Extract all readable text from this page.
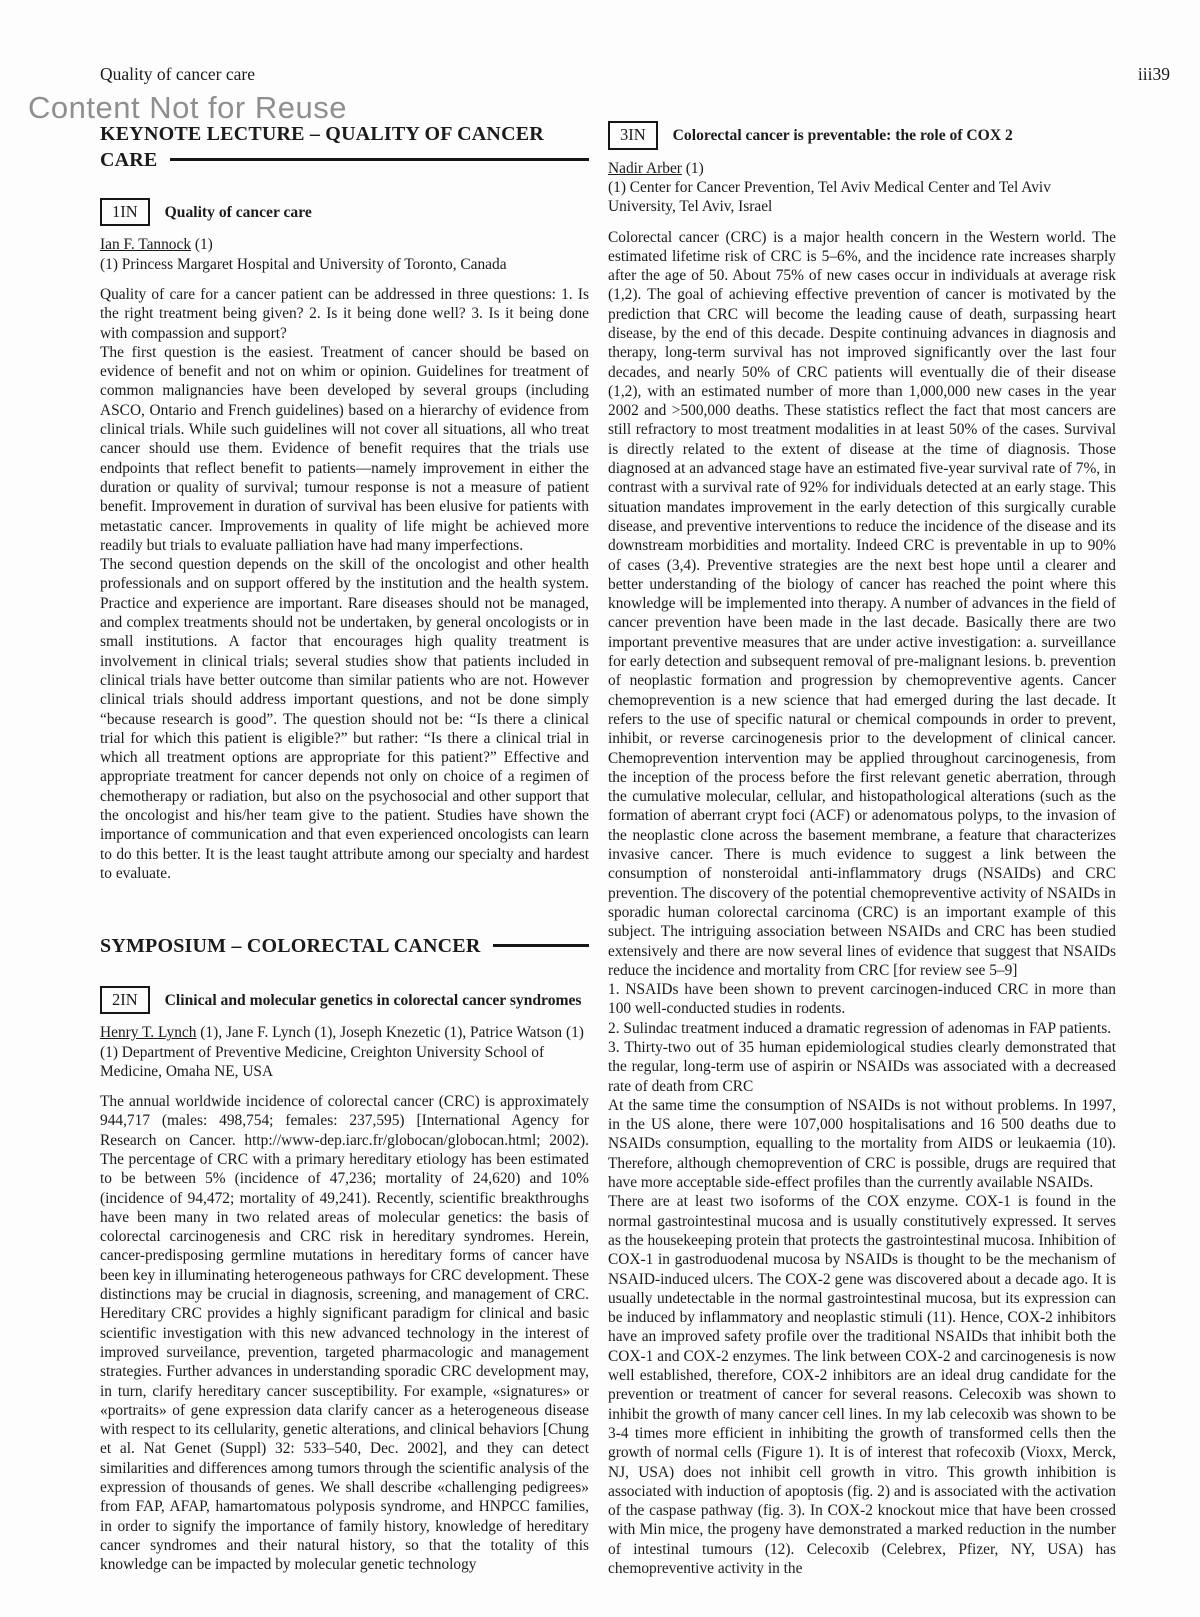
Content Not for Reuse
Quality of cancer care	iii39
KEYNOTE LECTURE – QUALITY OF CANCER CARE
1IN	Quality of cancer care

Ian F. Tannock (1)

(1) Princess Margaret Hospital and University of Toronto, Canada

Quality of care for a cancer patient can be addressed in three questions: 1. Is the right treatment being given? 2. Is it being done well? 3. Is it being done with compassion and support?

The first question is the easiest. Treatment of cancer should be based on evidence of benefit and not on whim or opinion. Guidelines for treatment of common malignancies have been developed by several groups (including ASCO, Ontario and French guidelines) based on a hierarchy of evidence from clinical trials. While such guidelines will not cover all situations, all who treat cancer should use them. Evidence of benefit requires that the trials use endpoints that reflect benefit to patients—namely improvement in either the duration or quality of survival; tumour response is not a measure of patient benefit. Improvement in duration of survival has been elusive for patients with metastatic cancer. Improvements in quality of life might be achieved more readily but trials to evaluate palliation have had many imperfections.

The second question depends on the skill of the oncologist and other health professionals and on support offered by the institution and the health system. Practice and experience are important. Rare diseases should not be managed, and complex treatments should not be undertaken, by general oncologists or in small institutions. A factor that encourages high quality treatment is involvement in clinical trials; several studies show that patients included in clinical trials have better outcome than similar patients who are not. However clinical trials should address important questions, and not be done simply “because research is good”. The question should not be: “Is there a clinical trial for which this patient is eligible?” but rather: “Is there a clinical trial in which all treatment options are appropriate for this patient?” Effective and appropriate treatment for cancer depends not only on choice of a regimen of chemotherapy or radiation, but also on the psychosocial and other support that the oncologist and his/her team give to the patient. Studies have shown the importance of communication and that even experienced oncologists can learn to do this better. It is the least taught attribute among our specialty and hardest to evaluate.

SYMPOSIUM – COLORECTAL CANCER
2IN	Clinical and molecular genetics in colorectal cancer syndromes

Henry T. Lynch (1), Jane F. Lynch (1), Joseph Knezetic (1), Patrice Watson (1)

(1) Department of Preventive Medicine, Creighton University School of Medicine, Omaha NE, USA

The annual worldwide incidence of colorectal cancer (CRC) is approximately 944,717 (males: 498,754; females: 237,595) [International Agency for Research on Cancer. http://www-dep.iarc.fr/globocan/globocan.html; 2002). The percentage of CRC with a primary hereditary etiology has been estimated to be between 5% (incidence of 47,236; mortality of 24,620) and 10% (incidence of 94,472; mortality of 49,241). Recently, scientific breakthroughs have been many in two related areas of molecular genetics: the basis of colorectal carcinogenesis and CRC risk in hereditary syndromes. Herein, cancer-predisposing germline mutations in hereditary forms of cancer have been key in illuminating heterogeneous pathways for CRC development. These distinctions may be crucial in diagnosis, screening, and management of CRC. Hereditary CRC provides a highly significant paradigm for clinical and basic scientific investigation with this new advanced technology in the interest of improved surveilance, prevention, targeted pharmacologic and management strategies. Further advances in understanding sporadic CRC development may, in turn, clarify hereditary cancer susceptibility. For example, «signatures» or «portraits» of gene expression data clarify cancer as a heterogeneous disease with respect to its cellularity, genetic alterations, and clinical behaviors [Chung et al. Nat Genet (Suppl) 32: 533–540, Dec. 2002], and they can detect similarities and differences among tumors through the scientific analysis of the expression of thousands of genes. We shall describe «challenging pedigrees» from FAP, AFAP, hamartomatous polyposis syndrome, and HNPCC families, in order to signify the importance of family history, knowledge of hereditary cancer syndromes and their natural history, so that the totality of this knowledge can be impacted by molecular genetic technology

3IN	Colorectal cancer is preventable: the role of COX 2

Nadir Arber (1)

(1) Center for Cancer Prevention, Tel Aviv Medical Center and Tel Aviv University, Tel Aviv, Israel

Colorectal cancer (CRC) is a major health concern in the Western world. The estimated lifetime risk of CRC is 5–6%, and the incidence rate increases sharply after the age of 50. About 75% of new cases occur in individuals at average risk (1,2). The goal of achieving effective prevention of cancer is motivated by the prediction that CRC will become the leading cause of death, surpassing heart disease, by the end of this decade. Despite continuing advances in diagnosis and therapy, long-term survival has not improved significantly over the last four decades, and nearly 50% of CRC patients will eventually die of their disease (1,2), with an estimated number of more than 1,000,000 new cases in the year 2002 and >500,000 deaths. These statistics reflect the fact that most cancers are still refractory to most treatment modalities in at least 50% of the cases. Survival is directly related to the extent of disease at the time of diagnosis. Those diagnosed at an advanced stage have an estimated five-year survival rate of 7%, in contrast with a survival rate of 92% for individuals detected at an early stage. This situation mandates improvement in the early detection of this surgically curable disease, and preventive interventions to reduce the incidence of the disease and its downstream morbidities and mortality. Indeed CRC is preventable in up to 90% of cases (3,4). Preventive strategies are the next best hope until a clearer and better understanding of the biology of cancer has reached the point where this knowledge will be implemented into therapy. A number of advances in the field of cancer prevention have been made in the last decade. Basically there are two important preventive measures that are under active investigation: a. surveillance for early detection and subsequent removal of pre-malignant lesions. b. prevention of neoplastic formation and progression by chemopreventive agents. Cancer chemoprevention is a new science that had emerged during the last decade. It refers to the use of specific natural or chemical compounds in order to prevent, inhibit, or reverse carcinogenesis prior to the development of clinical cancer. Chemoprevention intervention may be applied throughout carcinogenesis, from the inception of the process before the first relevant genetic aberration, through the cumulative molecular, cellular, and histopathological alterations (such as the formation of aberrant crypt foci (ACF) or adenomatous polyps, to the invasion of the neoplastic clone across the basement membrane, a feature that characterizes invasive cancer. There is much evidence to suggest a link between the consumption of nonsteroidal anti-inflammatory drugs (NSAIDs) and CRC prevention. The discovery of the potential chemopreventive activity of NSAIDs in sporadic human colorectal carcinoma (CRC) is an important example of this subject. The intriguing association between NSAIDs and CRC has been studied extensively and there are now several lines of evidence that suggest that NSAIDs reduce the incidence and mortality from CRC [for review see 5–9]

1. NSAIDs have been shown to prevent carcinogen-induced CRC in more than 100 well-conducted studies in rodents.

2. Sulindac treatment induced a dramatic regression of adenomas in FAP patients.

3. Thirty-two out of 35 human epidemiological studies clearly demonstrated that the regular, long-term use of aspirin or NSAIDs was associated with a decreased rate of death from CRC

At the same time the consumption of NSAIDs is not without problems. In 1997, in the US alone, there were 107,000 hospitalisations and 16 500 deaths due to NSAIDs consumption, equalling to the mortality from AIDS or leukaemia (10). Therefore, although chemoprevention of CRC is possible, drugs are required that have more acceptable side-effect profiles than the currently available NSAIDs.

There are at least two isoforms of the COX enzyme. COX-1 is found in the normal gastrointestinal mucosa and is usually constitutively expressed. It serves as the housekeeping protein that protects the gastrointestinal mucosa. Inhibition of COX-1 in gastroduodenal mucosa by NSAIDs is thought to be the mechanism of NSAID-induced ulcers. The COX-2 gene was discovered about a decade ago. It is usually undetectable in the normal gastrointestinal mucosa, but its expression can be induced by inflammatory and neoplastic stimuli (11). Hence, COX-2 inhibitors have an improved safety profile over the traditional NSAIDs that inhibit both the COX-1 and COX-2 enzymes. The link between COX-2 and carcinogenesis is now well established, therefore, COX-2 inhibitors are an ideal drug candidate for the prevention or treatment of cancer for several reasons. Celecoxib was shown to inhibit the growth of many cancer cell lines. In my lab celecoxib was shown to be 3-4 times more efficient in inhibiting the growth of transformed cells then the growth of normal cells (Figure 1). It is of interest that rofecoxib (Vioxx, Merck, NJ, USA) does not inhibit cell growth in vitro. This growth inhibition is associated with induction of apoptosis (fig. 2) and is associated with the activation of the caspase pathway (fig. 3). In COX-2 knockout mice that have been crossed with Min mice, the progeny have demonstrated a marked reduction in the number of intestinal tumours (12). Celecoxib (Celebrex, Pfizer, NY, USA) has chemopreventive activity in the
